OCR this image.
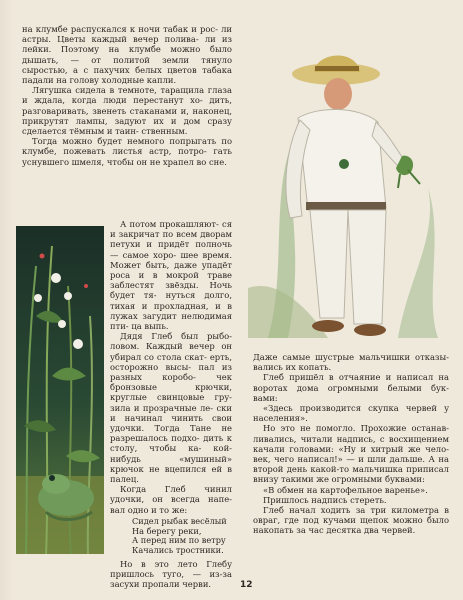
на клумбе распускался к ночи табак и рос- ли астры. Цветы каждый вечер полива- ли из лейки. Поэтому на клумбе можно было дышать, — от политой земли тянуло сыростью, а с пахучих белых цветов табака падали на голову холодные капли.

Лягушка сидела в темноте, таращила глаза и ждала, когда люди перестанут хо- дить, разговаривать, звенеть стаканами и, наконец, прикрутят лампы, задуют их и дом сразу сделается тёмным и таин- ственным.

Тогда можно будет немного попрыгать по клумбе, пожевать листья астр, потро- гать уснувшего шмеля, чтобы он не храпел во сне.

А потом прокашляют- ся и закричат по всем дворам петухи и придёт полночь — самое хоро- шее время. Может быть, даже упадёт роса и в мокрой траве заблестят звёзды. Ночь будет тя- нуться долго, тихая и прохладная, и в лужах загудит нелюдимая пти- ца выпь.

Дядя Глеб был рыбо- ловом. Каждый вечер он убирал со стола скат- ерть, осторожно высы- пал из разных коробо- чек бронзовые крючки, круглые свинцовые гру- зила и прозрачные ле- ски и начинал чинить свои удочки. Тогда Тане не разрешалось подхо- дить к столу, чтобы ка- кой-нибудь «мушиный» крючок не вцепился ей в палец.

Когда Глеб чинил удочки, он всегда напе- вал одно и то же:

Сидел рыбак весёлый
На берегу реки,
А перед ним по ветру
Качались тростники.

Но в это лето Глебу пришлось туго, — из-за засухи пропали черви.

Даже самые шустрые мальчишки отказы- вались их копать.

Глеб пришёл в отчаяние и написал на воротах дома огромными белыми бук- вами:

«Здесь производится скупка червей у населения».

Но это не помогло. Прохожие останав- ливались, читали надпись, с восхищением качали головами: «Ну и хитрый же чело- век, чего написал!» — и шли дальше. А на второй день какой-то мальчишка приписал внизу такими же огромными буквами:

«В обмен на картофельное варенье».

Пришлось надпись стереть.

Глеб начал ходить за три километра в овраг, где под кучами щепок можно было накопать за час десятка два червей.

12
